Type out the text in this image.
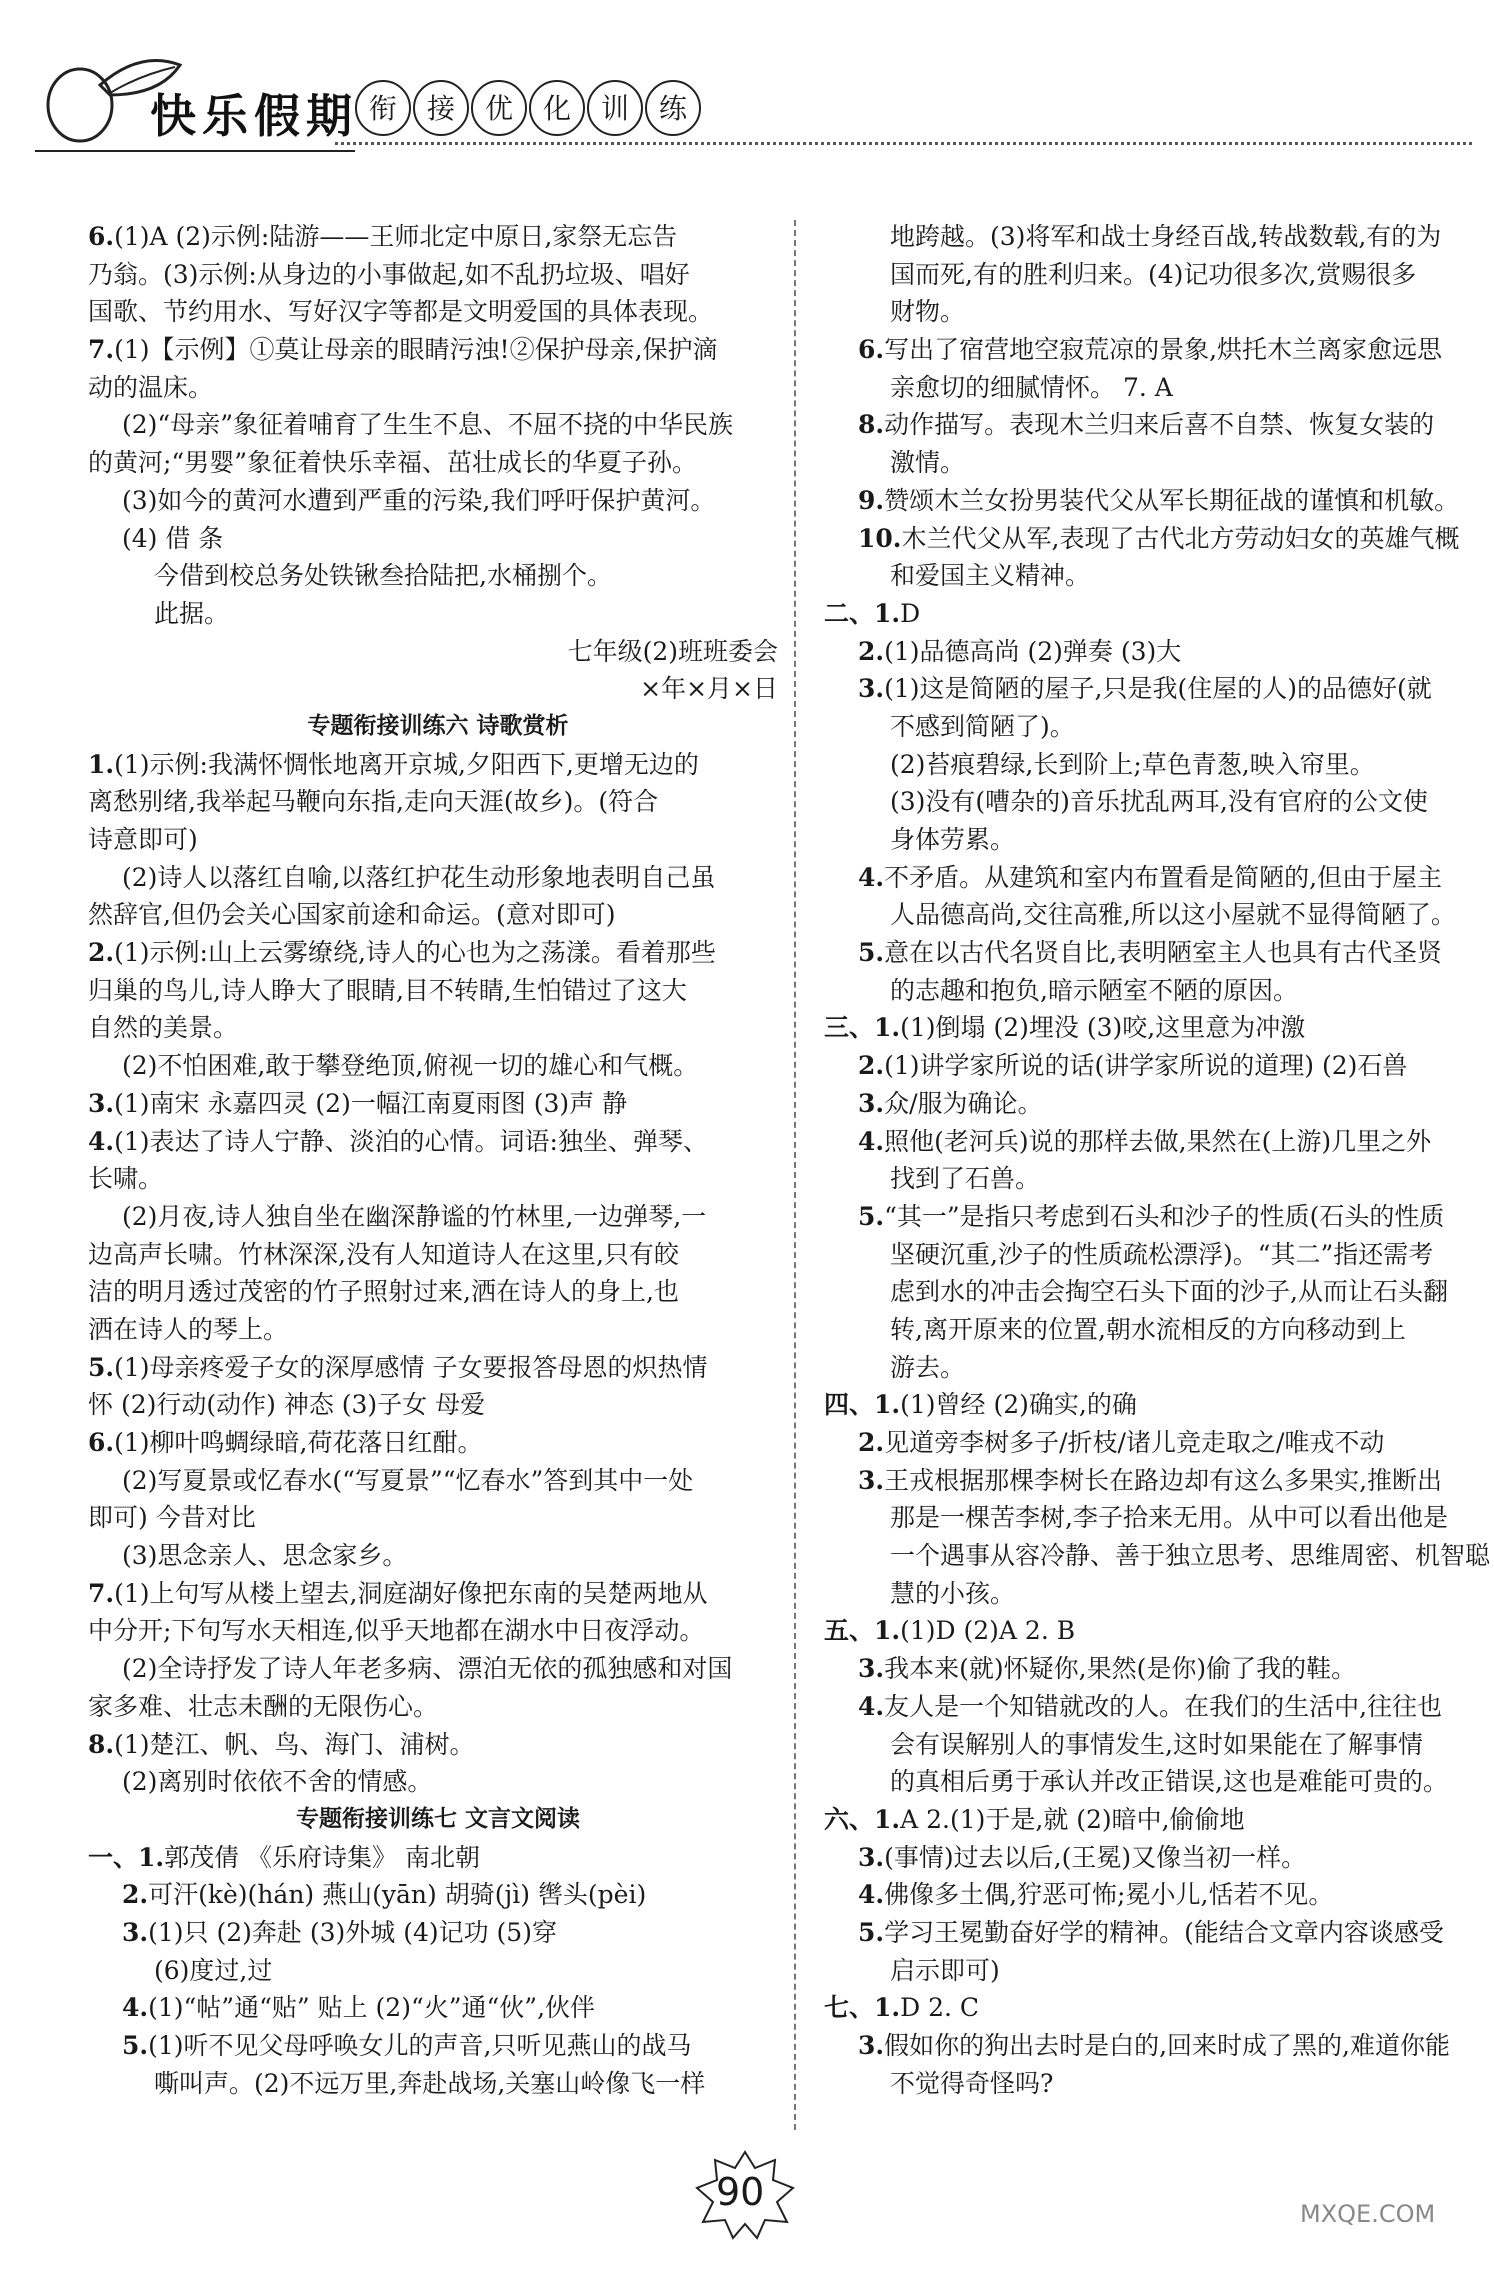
快乐假期 衔	接	优	化	训	练
6.(1)A (2)示例:陆游——王师北定中原日,家祭无忘告
乃翁。(3)示例:从身边的小事做起,如不乱扔垃圾、唱好
国歌、节约用水、写好汉字等都是文明爱国的具体表现。
7.(1)【示例】①莫让母亲的眼睛污浊!②保护母亲,保护滴
动的温床。
(2)“母亲”象征着哺育了生生不息、不屈不挠的中华民族
的黄河;“男婴”象征着快乐幸福、茁壮成长的华夏子孙。
(3)如今的黄河水遭到严重的污染,我们呼吁保护黄河。
(4) 借 条
今借到校总务处铁锹叁拾陆把,水桶捌个。
此据。
七年级(2)班班委会
×年×月×日
专题衔接训练六 诗歌赏析
1.(1)示例:我满怀惆怅地离开京城,夕阳西下,更增无边的
离愁别绪,我举起马鞭向东指,走向天涯(故乡)。(符合
诗意即可)
(2)诗人以落红自喻,以落红护花生动形象地表明自己虽
然辞官,但仍会关心国家前途和命运。(意对即可)
2.(1)示例:山上云雾缭绕,诗人的心也为之荡漾。看着那些
归巢的鸟儿,诗人睁大了眼睛,目不转睛,生怕错过了这大
自然的美景。
(2)不怕困难,敢于攀登绝顶,俯视一切的雄心和气概。
3.(1)南宋 永嘉四灵 (2)一幅江南夏雨图 (3)声 静
4.(1)表达了诗人宁静、淡泊的心情。词语:独坐、弹琴、
长啸。
(2)月夜,诗人独自坐在幽深静谧的竹林里,一边弹琴,一
边高声长啸。竹林深深,没有人知道诗人在这里,只有皎
洁的明月透过茂密的竹子照射过来,洒在诗人的身上,也
洒在诗人的琴上。
5.(1)母亲疼爱子女的深厚感情 子女要报答母恩的炽热情
怀 (2)行动(动作) 神态 (3)子女 母爱
6.(1)柳叶鸣蜩绿暗,荷花落日红酣。
(2)写夏景或忆春水(“写夏景”“忆春水”答到其中一处
即可) 今昔对比
(3)思念亲人、思念家乡。
7.(1)上句写从楼上望去,洞庭湖好像把东南的吴楚两地从
中分开;下句写水天相连,似乎天地都在湖水中日夜浮动。
(2)全诗抒发了诗人年老多病、漂泊无依的孤独感和对国
家多难、壮志未酬的无限伤心。
8.(1)楚江、帆、鸟、海门、浦树。
(2)离别时依依不舍的情感。
专题衔接训练七 文言文阅读
一、1.郭茂倩 《乐府诗集》 南北朝
2.可汗(kè)(hán) 燕山(yān) 胡骑(jì) 辔头(pèi)
3.(1)只 (2)奔赴 (3)外城 (4)记功 (5)穿
(6)度过,过
4.(1)“帖”通“贴” 贴上 (2)“火”通“伙”,伙伴
5.(1)听不见父母呼唤女儿的声音,只听见燕山的战马
嘶叫声。(2)不远万里,奔赴战场,关塞山岭像飞一样
地跨越。(3)将军和战士身经百战,转战数载,有的为
国而死,有的胜利归来。(4)记功很多次,赏赐很多
财物。
6.写出了宿营地空寂荒凉的景象,烘托木兰离家愈远思
亲愈切的细腻情怀。 7. A
8.动作描写。表现木兰归来后喜不自禁、恢复女装的
激情。
9.赞颂木兰女扮男装代父从军长期征战的谨慎和机敏。
10.木兰代父从军,表现了古代北方劳动妇女的英雄气概
和爱国主义精神。
二、1.D
2.(1)品德高尚 (2)弹奏 (3)大
3.(1)这是简陋的屋子,只是我(住屋的人)的品德好(就
不感到简陋了)。
(2)苔痕碧绿,长到阶上;草色青葱,映入帘里。
(3)没有(嘈杂的)音乐扰乱两耳,没有官府的公文使
身体劳累。
4.不矛盾。从建筑和室内布置看是简陋的,但由于屋主
人品德高尚,交往高雅,所以这小屋就不显得简陋了。
5.意在以古代名贤自比,表明陋室主人也具有古代圣贤
的志趣和抱负,暗示陋室不陋的原因。
三、1.(1)倒塌 (2)埋没 (3)咬,这里意为冲激
2.(1)讲学家所说的话(讲学家所说的道理) (2)石兽
3.众/服为确论。
4.照他(老河兵)说的那样去做,果然在(上游)几里之外
找到了石兽。
5.“其一”是指只考虑到石头和沙子的性质(石头的性质
坚硬沉重,沙子的性质疏松漂浮)。“其二”指还需考
虑到水的冲击会掏空石头下面的沙子,从而让石头翻
转,离开原来的位置,朝水流相反的方向移动到上
游去。
四、1.(1)曾经 (2)确实,的确
2.见道旁李树多子/折枝/诸儿竞走取之/唯戎不动
3.王戎根据那棵李树长在路边却有这么多果实,推断出
那是一棵苦李树,李子拾来无用。从中可以看出他是
一个遇事从容冷静、善于独立思考、思维周密、机智聪
慧的小孩。
五、1.(1)D (2)A 2. B
3.我本来(就)怀疑你,果然(是你)偷了我的鞋。
4.友人是一个知错就改的人。在我们的生活中,往往也
会有误解别人的事情发生,这时如果能在了解事情
的真相后勇于承认并改正错误,这也是难能可贵的。
六、1.A 2.(1)于是,就 (2)暗中,偷偷地
3.(事情)过去以后,(王冕)又像当初一样。
4.佛像多土偶,狞恶可怖;冕小儿,恬若不见。
5.学习王冕勤奋好学的精神。(能结合文章内容谈感受
启示即可)
七、1.D 2. C
3.假如你的狗出去时是白的,回来时成了黑的,难道你能
不觉得奇怪吗?
90	MXQE.COM
